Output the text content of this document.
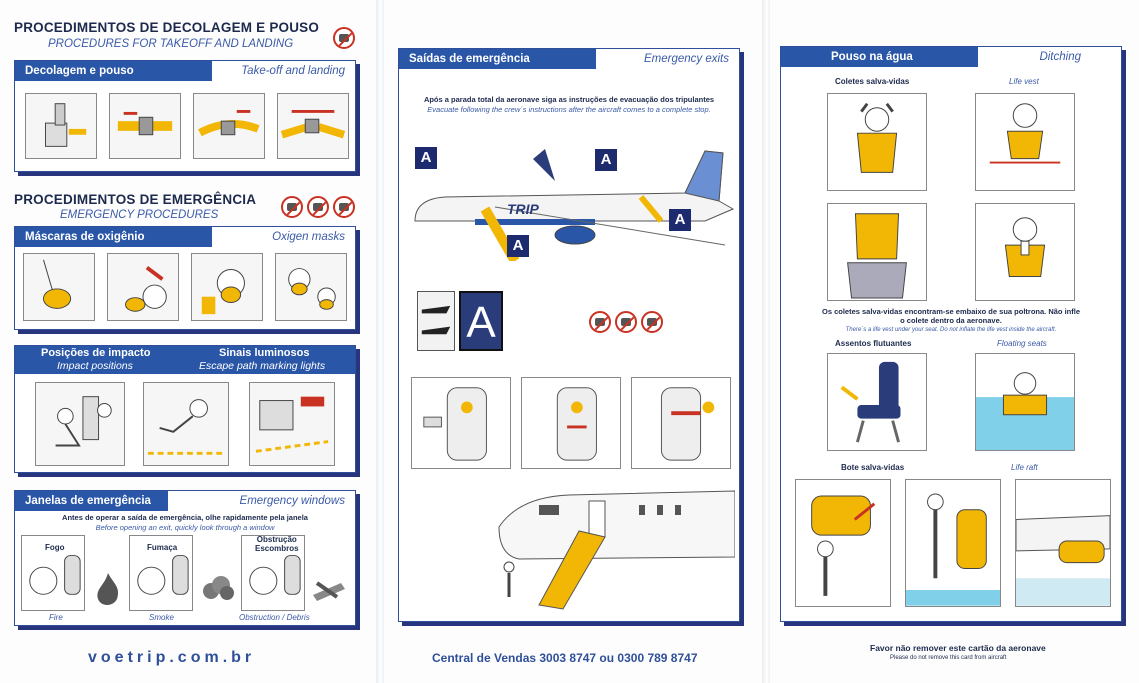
PROCEDIMENTOS DE DECOLAGEM E POUSO
PROCEDURES FOR TAKEOFF AND LANDING
Decolagem e pouso	Take-off and landing
PROCEDIMENTOS DE EMERGÊNCIA
EMERGENCY PROCEDURES
Máscaras de oxigênio	Oxigen masks
Posições de impacto
Impact positions
Sinais luminosos
Escape path marking lights
Janelas de emergência	Emergency windows
Antes de operar a saída de emergência, olhe rapidamente pela janela
Before opening an exit, quickly look through a window
Fogo
Fire
Fumaça
Smoke
Obstrução
Escombros
Obstruction / Debris
voetrip.com.br
Saídas de emergência	Emergency exits
Após a parada total da aeronave siga as instruções de evacuação dos tripulantes
Evacuate following the crew´s instructions after the aircraft comes to a complete stop.
A
A
A
A
TRIP
A
Central de Vendas 3003 8747 ou 0300 789 8747
Pouso na água	Ditching
Coletes salva-vidas	Life vest
Os coletes salva-vidas encontram-se embaixo de sua poltrona. Não infle o colete dentro da aeronave.
There´s a life vest under your seat. Do not inflate the life vest inside the aircraft.
Assentos flutuantes	Floating seats
Bote salva-vidas	Life raft
Favor não remover este cartão da aeronave
Please do not remove this card from aircraft
